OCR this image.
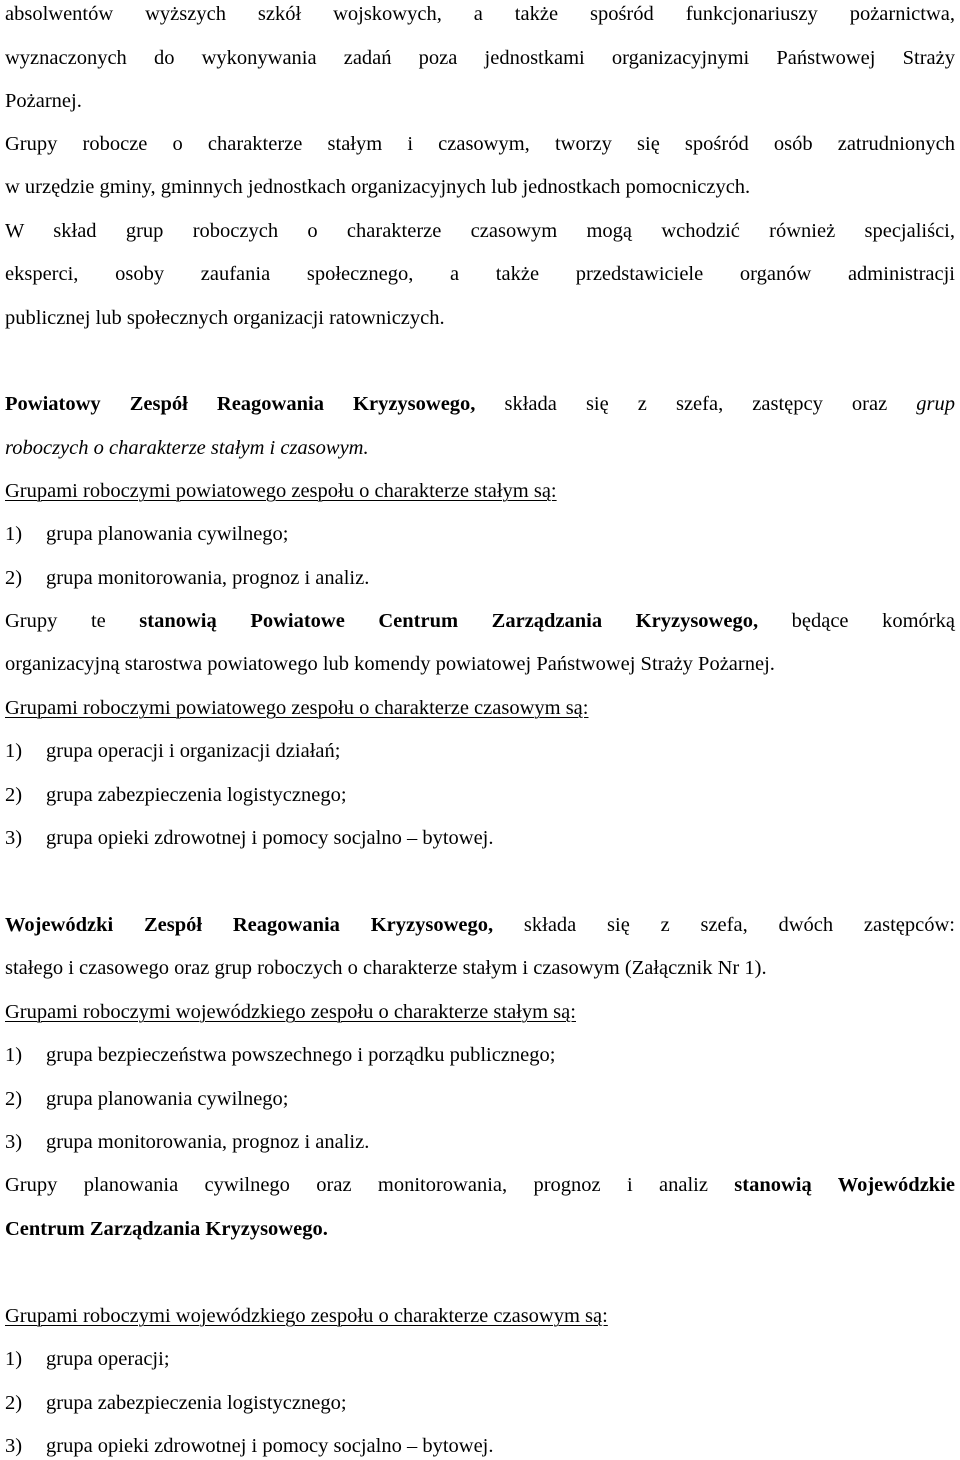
absolwentów wyższych szkół wojskowych, a także spośród funkcjonariuszy pożarnictwa,
wyznaczonych do wykonywania zadań poza jednostkami organizacyjnymi Państwowej Straży
Pożarnej.
Grupy robocze o charakterze stałym i czasowym, tworzy się spośród osób zatrudnionych
w urzędzie gminy, gminnych jednostkach organizacyjnych lub jednostkach pomocniczych.
W skład grup roboczych o charakterze czasowym mogą wchodzić również specjaliści,
eksperci, osoby zaufania społecznego, a także przedstawiciele organów administracji
publicznej lub społecznych organizacji ratowniczych.
Powiatowy Zespół Reagowania Kryzysowego, składa się z szefa, zastępcy oraz grup
roboczych o charakterze stałym i czasowym.
Grupami roboczymi powiatowego zespołu o charakterze stałym są:
1) grupa planowania cywilnego;
2) grupa monitorowania, prognoz i analiz.
Grupy te stanowią Powiatowe Centrum Zarządzania Kryzysowego, będące komórką
organizacyjną starostwa powiatowego lub komendy powiatowej Państwowej Straży Pożarnej.
Grupami roboczymi powiatowego zespołu o charakterze czasowym są:
1) grupa operacji i organizacji działań;
2) grupa zabezpieczenia logistycznego;
3) grupa opieki zdrowotnej i pomocy socjalno – bytowej.
Wojewódzki Zespół Reagowania Kryzysowego, składa się z szefa, dwóch zastępców:
stałego i czasowego oraz grup roboczych o charakterze stałym i czasowym (Załącznik Nr 1).
Grupami roboczymi wojewódzkiego zespołu o charakterze stałym są:
1) grupa bezpieczeństwa powszechnego i porządku publicznego;
2) grupa planowania cywilnego;
3) grupa monitorowania, prognoz i analiz.
Grupy planowania cywilnego oraz monitorowania, prognoz i analiz stanowią Wojewódzkie
Centrum Zarządzania Kryzysowego.
Grupami roboczymi wojewódzkiego zespołu o charakterze czasowym są:
1) grupa operacji;
2) grupa zabezpieczenia logistycznego;
3) grupa opieki zdrowotnej i pomocy socjalno – bytowej.
